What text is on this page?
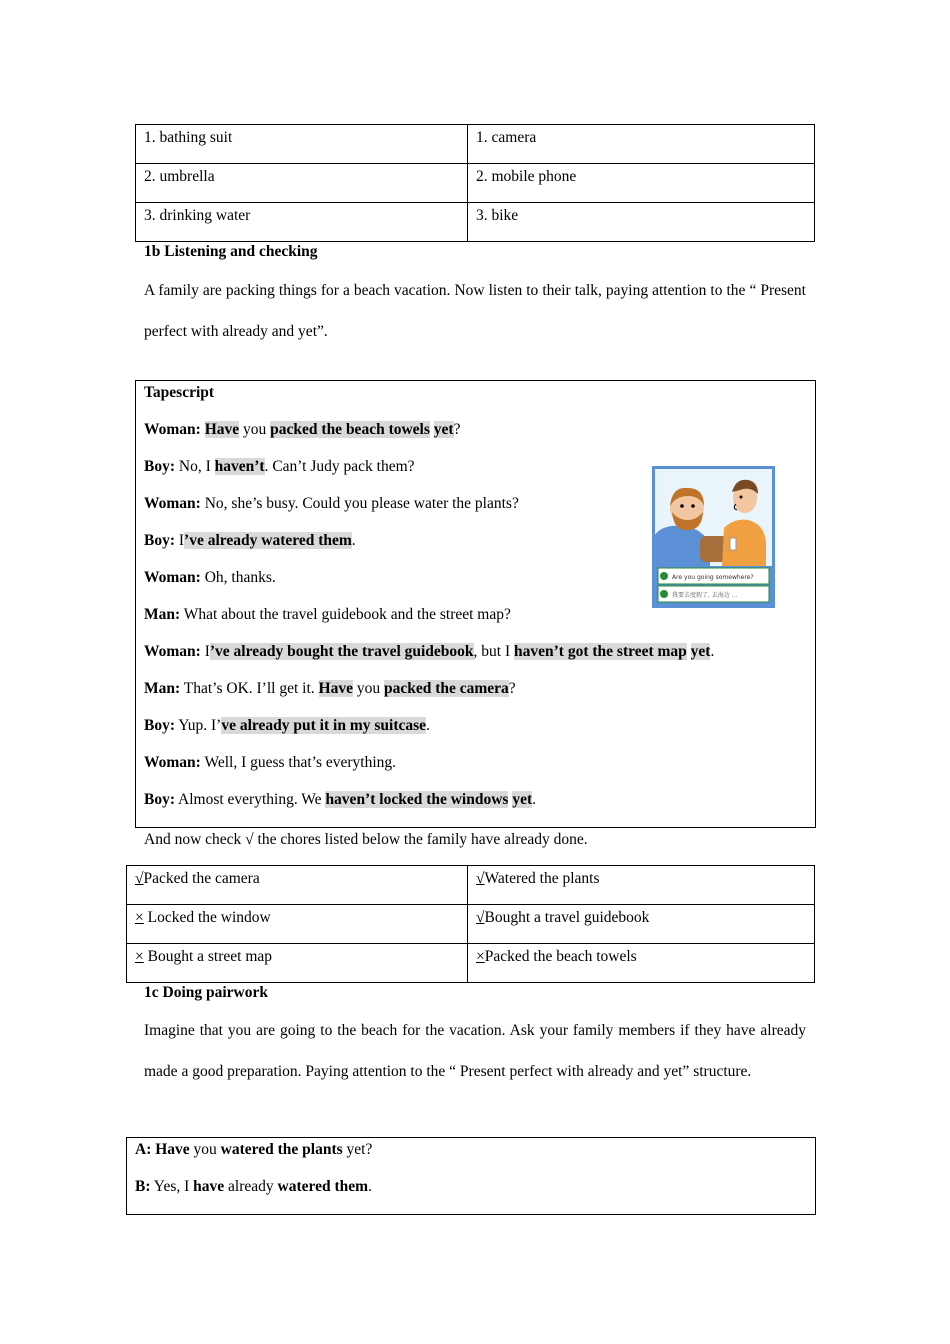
1. bathing suit	1. camera
2. umbrella	2. mobile phone
3. drinking water	3. bike
1b Listening and checking
A family are packing things for a beach vacation. Now listen to their talk, paying attention to the “ Present perfect with already and yet”.
Tapescript
Woman: Have you packed the beach towels yet?
Boy: No, I haven’t. Can’t Judy pack them?
Woman: No, she’s busy. Could you please water the plants?
Boy: I’ve already watered them.
Woman: Oh, thanks.
Man: What about the travel guidebook and the street map?
Woman: I’ve already bought the travel guidebook, but I haven’t got the street map yet.
Man: That’s OK. I’ll get it. Have you packed the camera?
Boy: Yup. I’ve already put it in my suitcase.
Woman: Well, I guess that’s everything.
Boy: Almost everything. We haven’t locked the windows yet.
Are you going somewhere?
我要去度假了, 去海边 ...
And now check √ the chores listed below the family have already done.
√Packed the camera	√Watered the plants
× Locked the window	√Bought a travel guidebook
× Bought a street map	×Packed the beach towels
1c Doing pairwork
Imagine that you are going to the beach for the vacation. Ask your family members if they have already made a good preparation. Paying attention to the “ Present perfect with already and yet” structure.
A: Have you watered the plants yet?
B: Yes, I have already watered them.
